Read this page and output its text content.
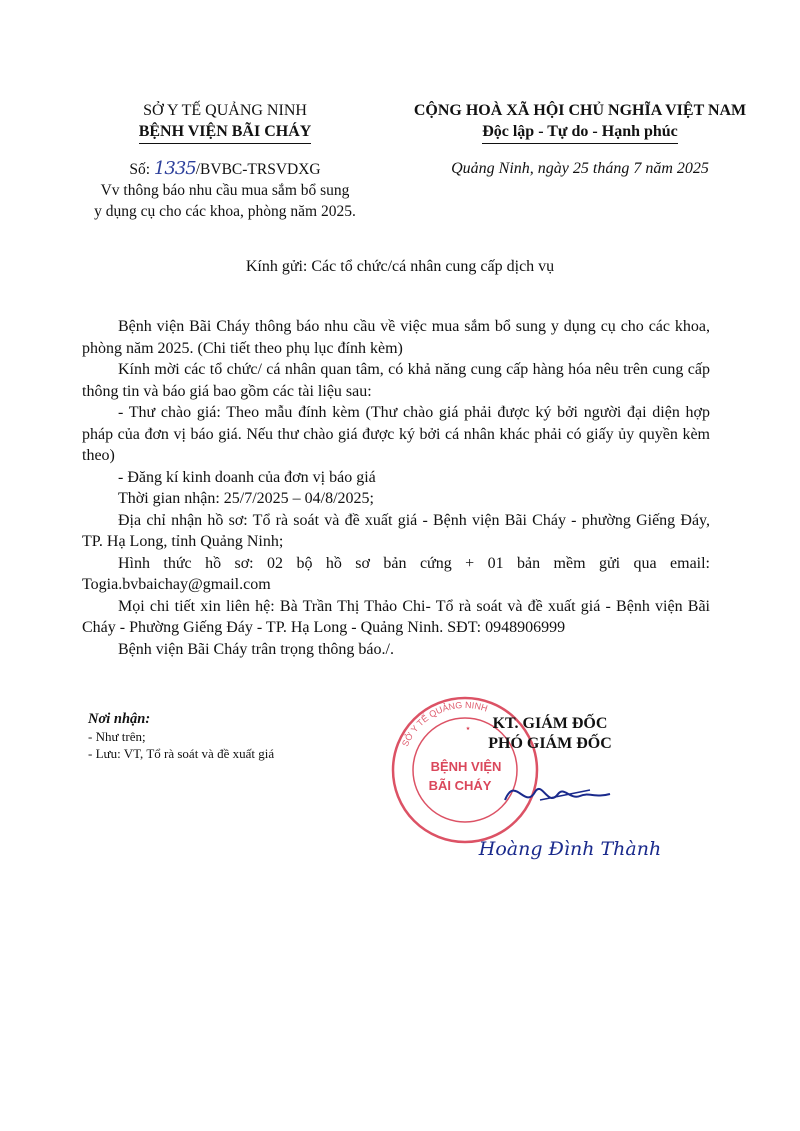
SỞ Y TẾ QUẢNG NINH
BỆNH VIỆN BÃI CHÁY
CỘNG HOÀ XÃ HỘI CHỦ NGHĨA VIỆT NAM
Độc lập - Tự do - Hạnh phúc
Số: 1335/BVBC-TRSVDXG
Vv thông báo nhu cầu mua sắm bổ sung
y dụng cụ cho các khoa, phòng năm 2025.
Quảng Ninh, ngày 25 tháng 7 năm 2025
Kính gửi: Các tổ chức/cá nhân cung cấp dịch vụ

Bệnh viện Bãi Cháy thông báo nhu cầu về việc mua sắm bổ sung y dụng cụ cho các khoa, phòng năm 2025. (Chi tiết theo phụ lục đính kèm)

Kính mời các tổ chức/ cá nhân quan tâm, có khả năng cung cấp hàng hóa nêu trên cung cấp thông tin và báo giá bao gồm các tài liệu sau:

- Thư chào giá: Theo mẫu đính kèm (Thư chào giá phải được ký bởi người đại diện hợp pháp của đơn vị báo giá. Nếu thư chào giá được ký bởi cá nhân khác phải có giấy ủy quyền kèm theo)

- Đăng kí kinh doanh của đơn vị báo giá

Thời gian nhận: 25/7/2025 – 04/8/2025;

Địa chỉ nhận hồ sơ: Tổ rà soát và đề xuất giá - Bệnh viện Bãi Cháy - phường Giếng Đáy, TP. Hạ Long, tỉnh Quảng Ninh;

Hình thức hồ sơ: 02 bộ hồ sơ bản cứng + 01 bản mềm gửi qua email:

Togia.bvbaichay@gmail.com

Mọi chi tiết xin liên hệ: Bà Trần Thị Thảo Chi- Tổ rà soát và đề xuất giá - Bệnh viện Bãi Cháy - Phường Giếng Đáy - TP. Hạ Long - Quảng Ninh. SĐT: 0948906999

Bệnh viện Bãi Cháy trân trọng thông báo./.

Nơi nhận:
- Như trên;
- Lưu: VT, Tổ rà soát và đề xuất giá
SỞ Y TẾ QUẢNG NINH
BỆNH VIỆN
BÃI CHÁY
★	KT. GIÁM ĐỐC
PHÓ GIÁM ĐỐC
Hoàng Đình Thành
